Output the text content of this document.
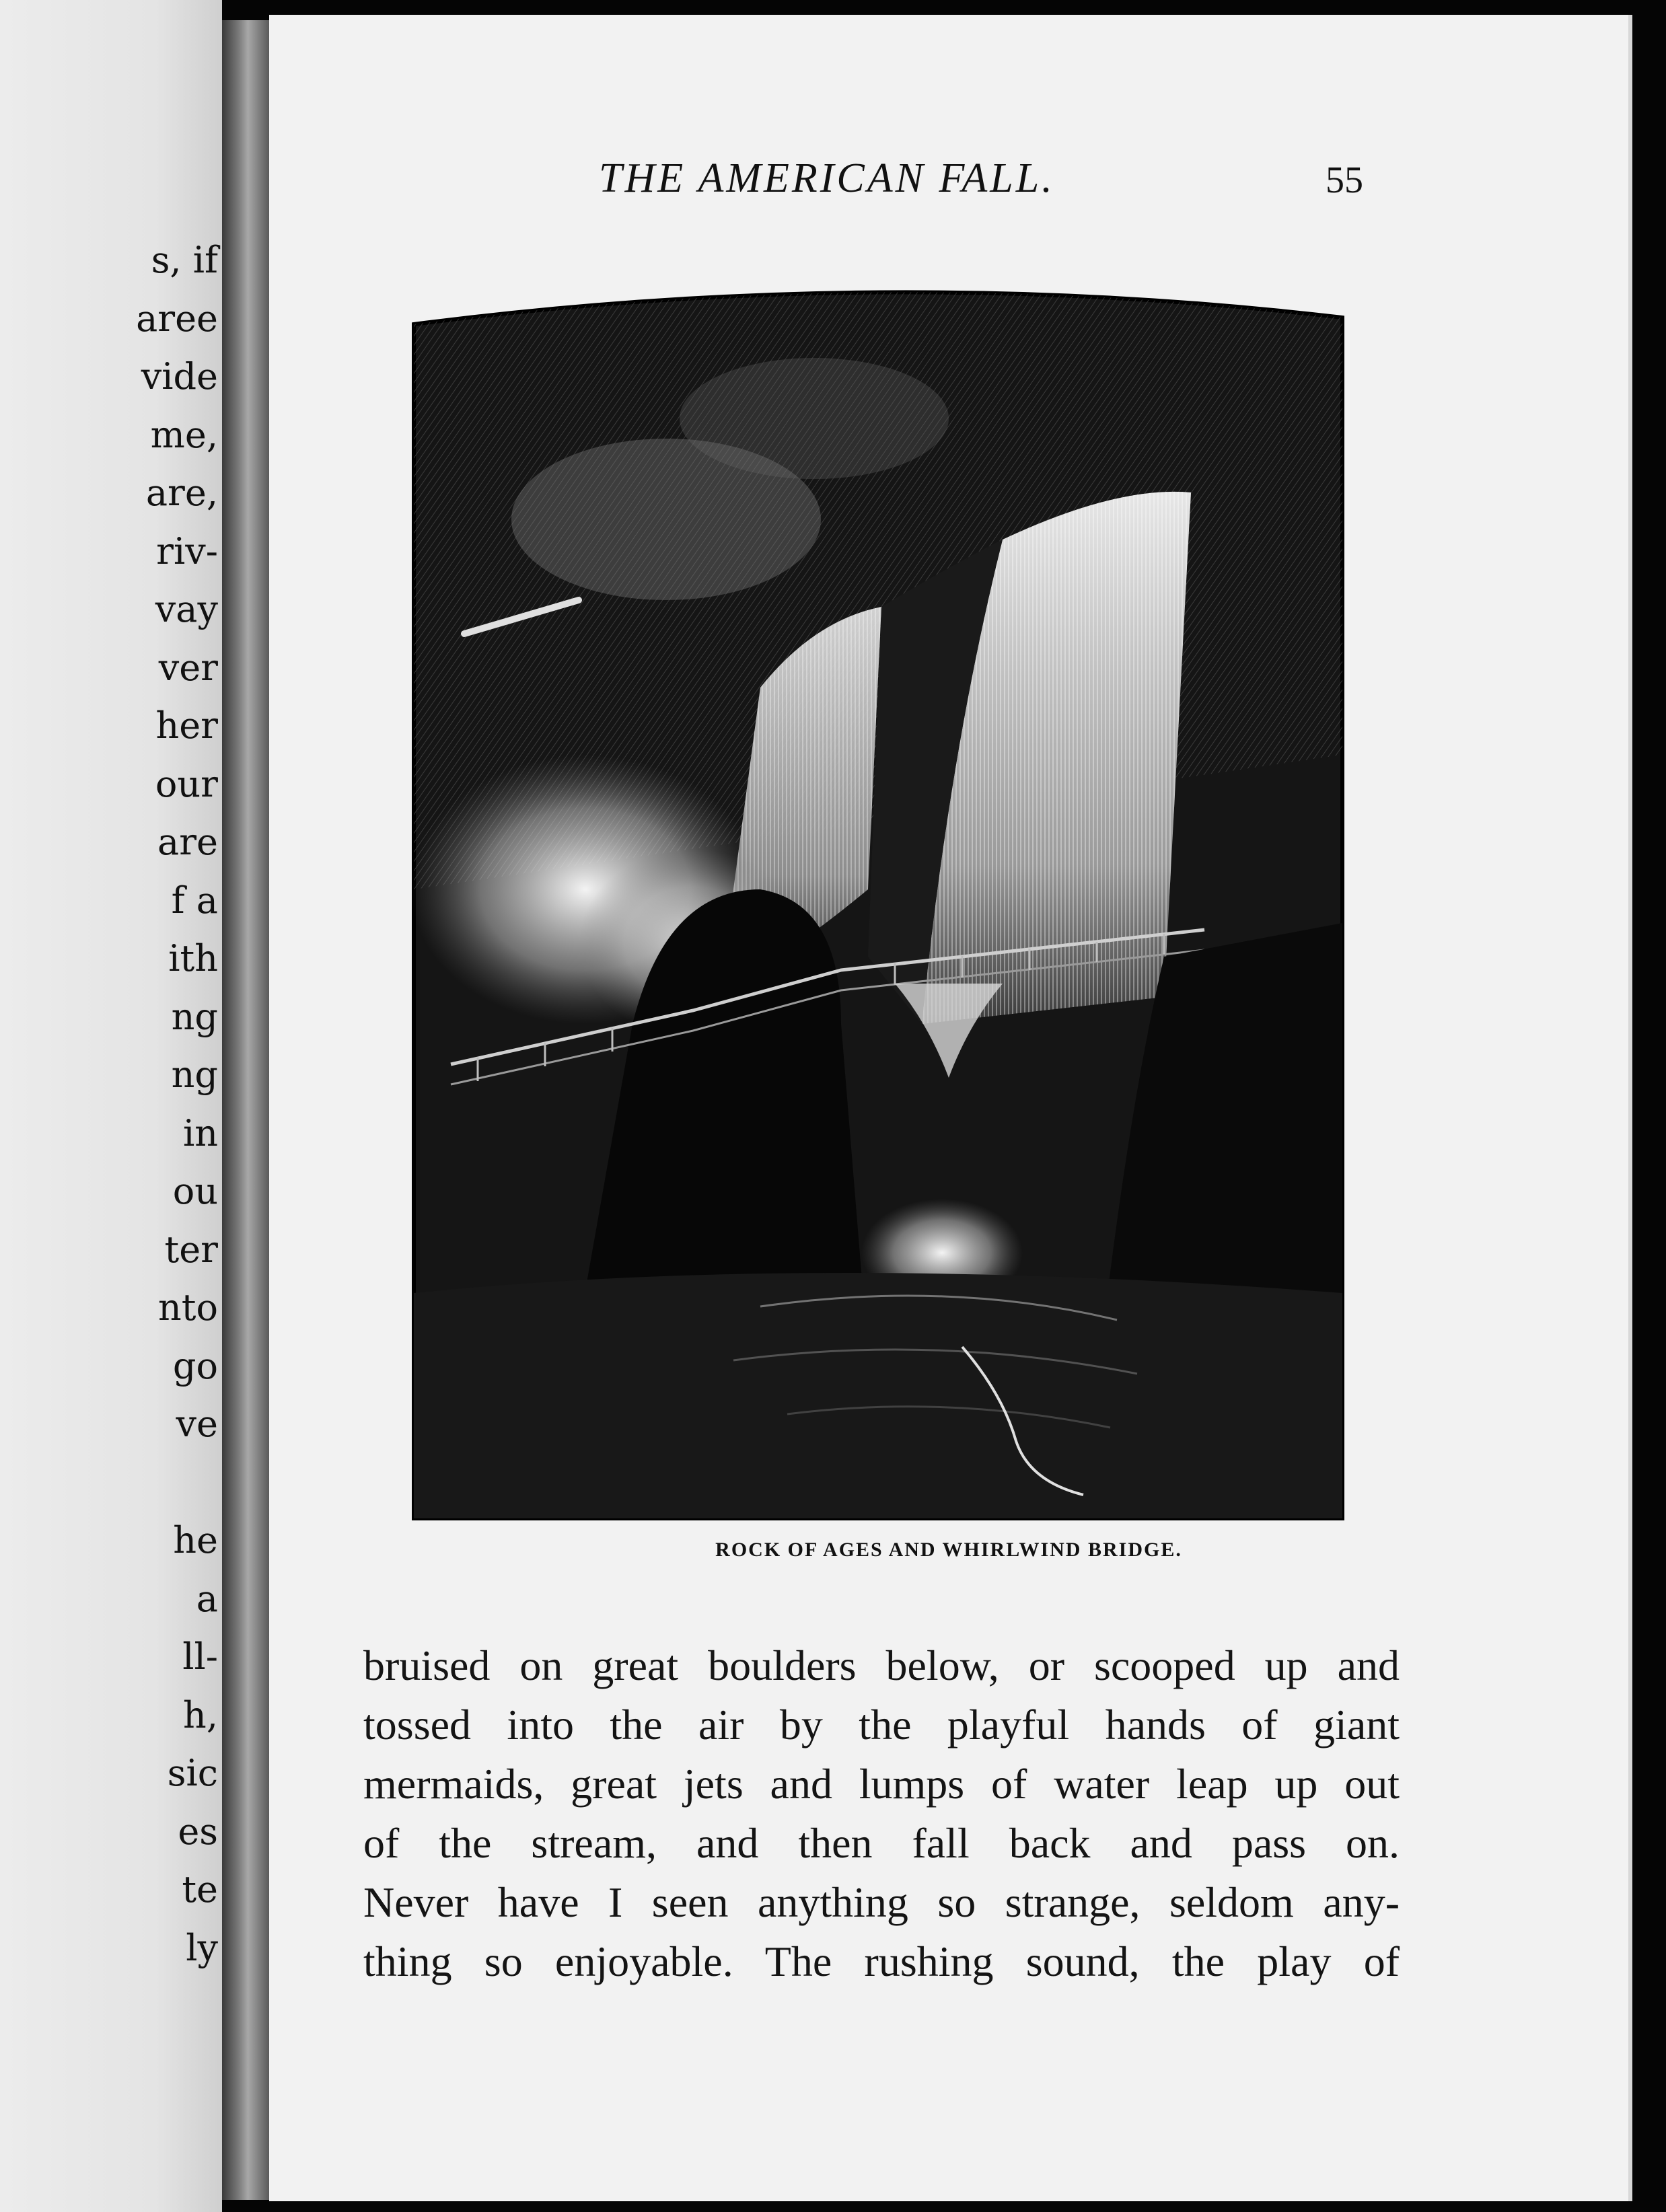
s, if

aree

vide

me,

are,

riv-

vay

ver

her

our

are

f a

ith

ng

ng

in

ou

ter

nto

go

ve

he

a

ll-

h,

sic

es

te

ly

THE AMERICAN FALL.	55

ROCK OF AGES AND WHIRLWIND BRIDGE.

bruised on great boulders below, or scooped up and
tossed into the air by the playful hands of giant
mermaids, great jets and lumps of water leap up out
of the stream, and then fall back and pass on.
Never have I seen anything so strange, seldom any-
thing so enjoyable. The rushing sound, the play of
